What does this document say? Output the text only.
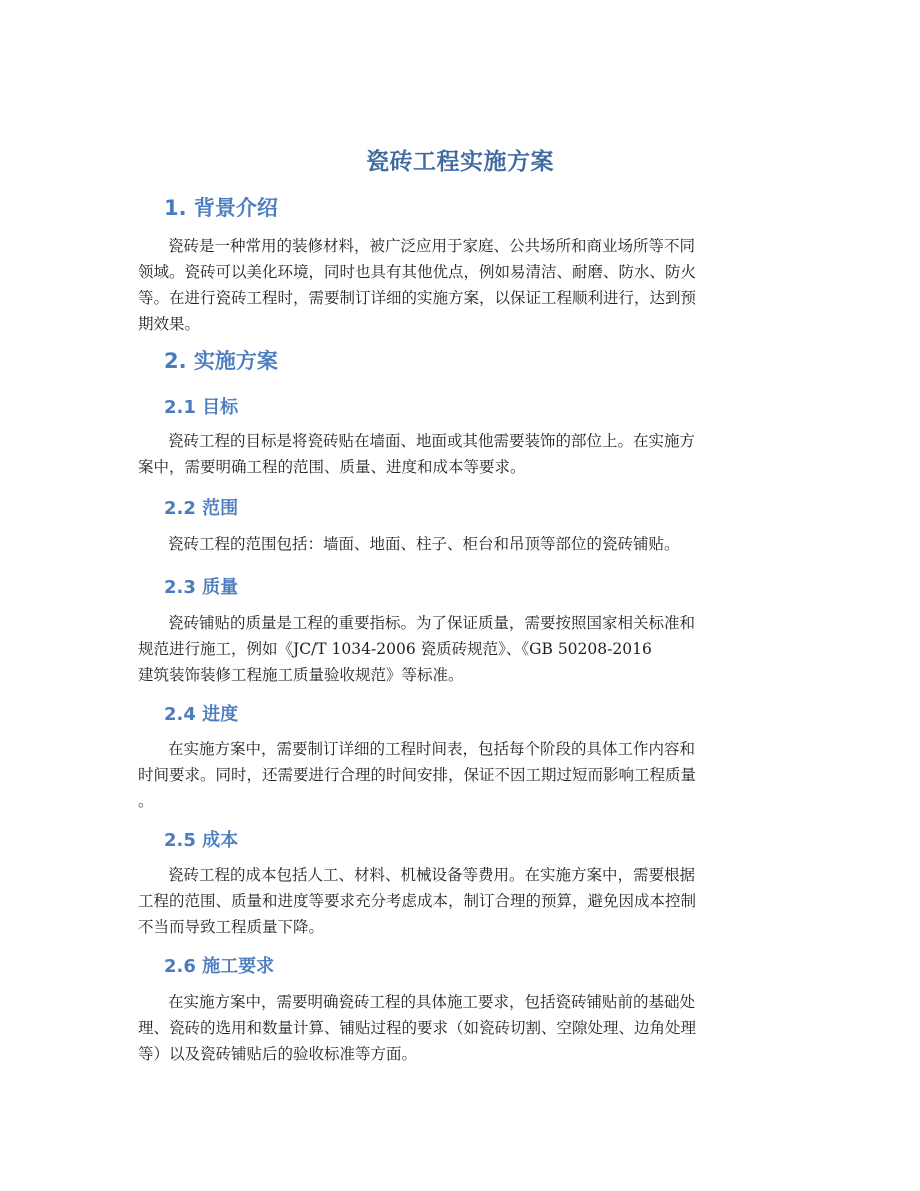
瓷砖工程实施方案
1. 背景介绍
瓷砖是一种常用的装修材料，被广泛应用于家庭、公共场所和商业场所等不同
领域。瓷砖可以美化环境，同时也具有其他优点，例如易清洁、耐磨、防水、防火
等。在进行瓷砖工程时，需要制订详细的实施方案，以保证工程顺利进行，达到预
期效果。
2. 实施方案
2.1 目标
瓷砖工程的目标是将瓷砖贴在墙面、地面或其他需要装饰的部位上。在实施方
案中，需要明确工程的范围、质量、进度和成本等要求。
2.2 范围
瓷砖工程的范围包括：墙面、地面、柱子、柜台和吊顶等部位的瓷砖铺贴。
2.3 质量
瓷砖铺贴的质量是工程的重要指标。为了保证质量，需要按照国家相关标准和
规范进行施工，例如《JC/T 1034-2006 瓷质砖规范》、《GB 50208-2016
建筑装饰装修工程施工质量验收规范》等标准。
2.4 进度
在实施方案中，需要制订详细的工程时间表，包括每个阶段的具体工作内容和
时间要求。同时，还需要进行合理的时间安排，保证不因工期过短而影响工程质量
。
2.5 成本
瓷砖工程的成本包括人工、材料、机械设备等费用。在实施方案中，需要根据
工程的范围、质量和进度等要求充分考虑成本，制订合理的预算，避免因成本控制
不当而导致工程质量下降。
2.6 施工要求
在实施方案中，需要明确瓷砖工程的具体施工要求，包括瓷砖铺贴前的基础处
理、瓷砖的选用和数量计算、铺贴过程的要求（如瓷砖切割、空隙处理、边角处理
等）以及瓷砖铺贴后的验收标准等方面。
